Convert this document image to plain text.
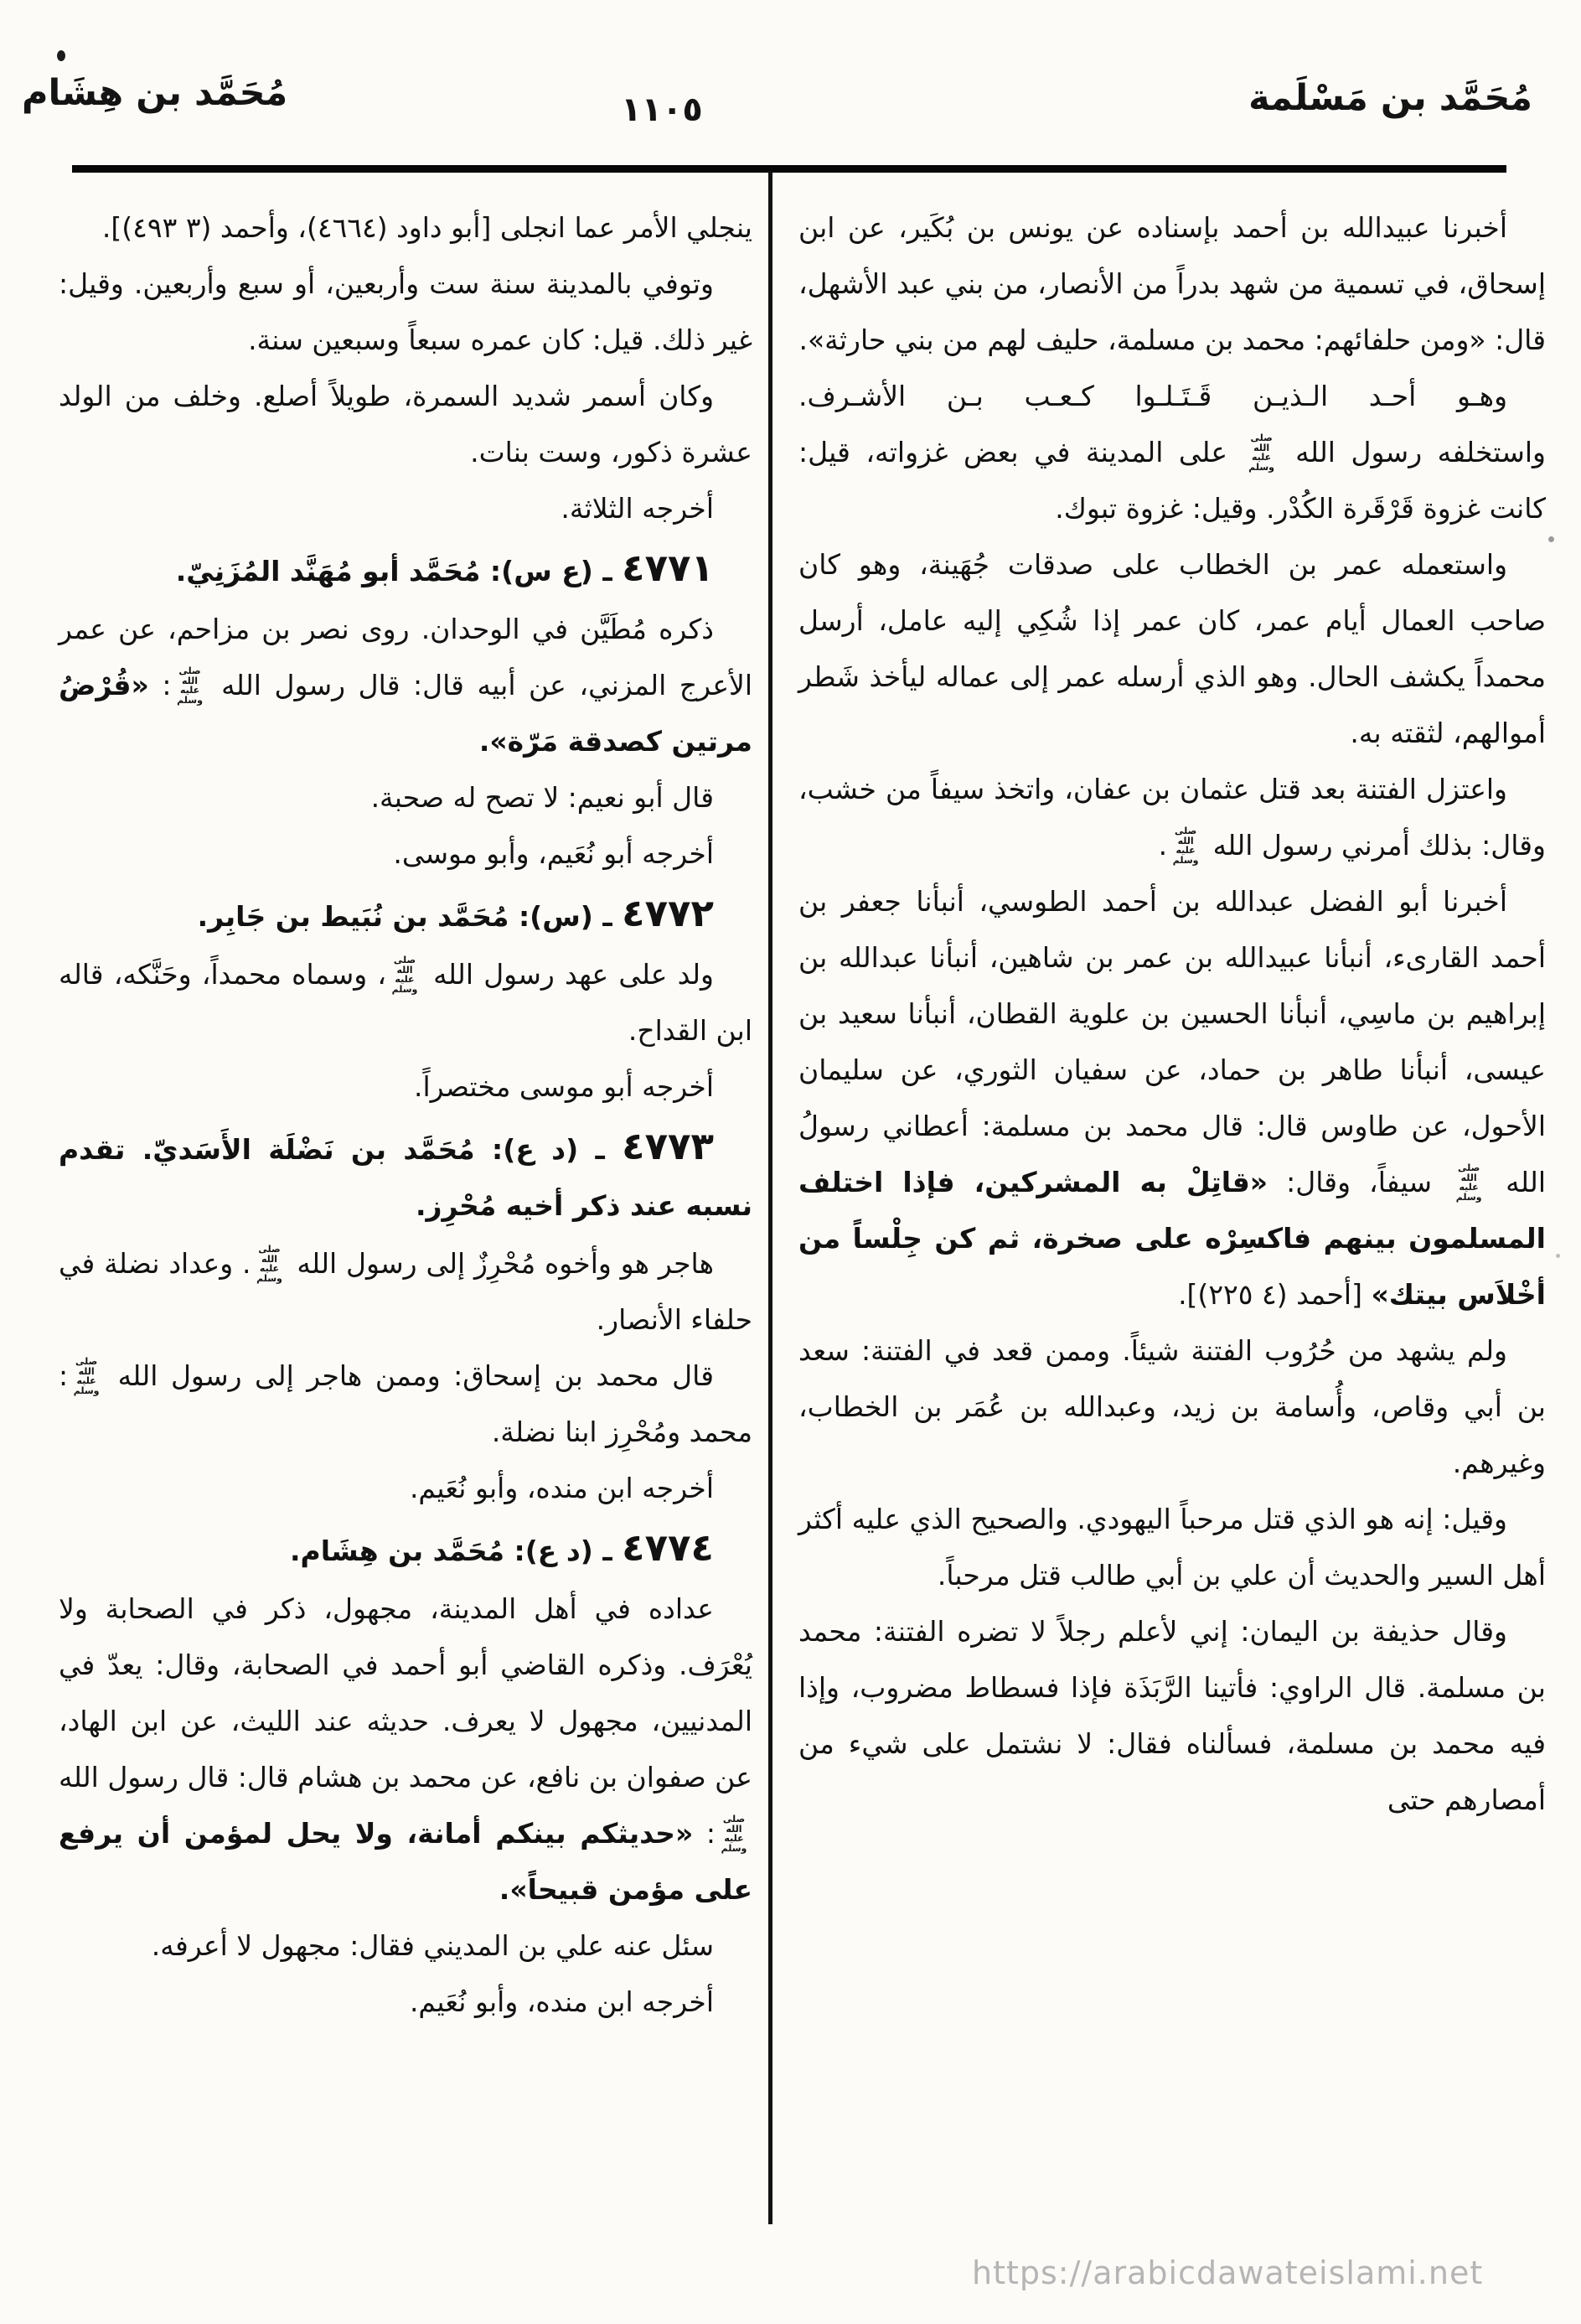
مُحَمَّد بن هِشَام	١١٠٥	مُحَمَّد بن مَسْلَمة

أخبرنا عبيدالله بن أحمد بإسناده عن يونس بن بُكَير، عن ابن إسحاق، في تسمية من شهد بدراً من الأنصار، من بني عبد الأشهل، قال: «ومن حلفائهم: محمد بن مسلمة، حليف لهم من بني حارثة».

وهـو أحـد الـذيـن قَـتَـلـوا كـعـب بـن الأشـرف.

واستخلفه رسول الله صلى الله عليه وسلم على المدينة في بعض غزواته، قيل: كانت غزوة قَرْقَرة الكُدْر. وقيل: غزوة تبوك.

واستعمله عمر بن الخطاب على صدقات جُهَينة، وهو كان صاحب العمال أيام عمر، كان عمر إذا شُكِي إليه عامل، أرسل محمداً يكشف الحال. وهو الذي أرسله عمر إلى عماله ليأخذ شَطر أموالهم، لثقته به.

واعتزل الفتنة بعد قتل عثمان بن عفان، واتخذ سيفاً من خشب، وقال: بذلك أمرني رسول الله صلى الله عليه وسلم.

أخبرنا أبو الفضل عبدالله بن أحمد الطوسي، أنبأنا جعفر بن أحمد القارىء، أنبأنا عبيدالله بن عمر بن شاهين، أنبأنا عبدالله بن إبراهيم بن ماسِي، أنبأنا الحسين بن علوية القطان، أنبأنا سعيد بن عيسى، أنبأنا طاهر بن حماد، عن سفيان الثوري، عن سليمان الأحول، عن طاوس قال: قال محمد بن مسلمة: أعطاني رسولُ الله صلى الله عليه وسلم سيفاً، وقال: «قاتِلْ به المشركين، فإذا اختلف المسلمون بينهم فاكسِرْه على صخرة، ثم كن جِلْساً من أخْلاَس بيتك» [أحمد (٤ ٢٢٥)].

ولم يشهد من حُرُوب الفتنة شيئاً. وممن قعد في الفتنة: سعد بن أبي وقاص، وأُسامة بن زيد، وعبدالله بن عُمَر بن الخطاب، وغيرهم.

وقيل: إنه هو الذي قتل مرحباً اليهودي. والصحيح الذي عليه أكثر أهل السير والحديث أن علي بن أبي طالب قتل مرحباً.

وقال حذيفة بن اليمان: إني لأعلم رجلاً لا تضره الفتنة: محمد بن مسلمة. قال الراوي: فأتينا الرَّبَذَة فإذا فسطاط مضروب، وإذا فيه محمد بن مسلمة، فسألناه فقال: لا نشتمل على شيء من أمصارهم حتى

ينجلي الأمر عما انجلى [أبو داود (٤٦٦٤)، وأحمد (٣ ٤٩٣)].

وتوفي بالمدينة سنة ست وأربعين، أو سبع وأربعين. وقيل: غير ذلك. قيل: كان عمره سبعاً وسبعين سنة.

وكان أسمر شديد السمرة، طويلاً أصلع. وخلف من الولد عشرة ذكور، وست بنات.

أخرجه الثلاثة.

٤٧٧١ ـ (ع س): مُحَمَّد أبو مُهَنَّد المُزَنِيّ.

ذكره مُطَيَّن في الوحدان. روى نصر بن مزاحم، عن عمر الأعرج المزني، عن أبيه قال: قال رسول الله صلى الله عليه وسلم: «قُرْضُ مرتين كصدقة مَرّة».

قال أبو نعيم: لا تصح له صحبة.

أخرجه أبو نُعَيم، وأبو موسى.

٤٧٧٢ ـ (س): مُحَمَّد بن نُبَيط بن جَابِر.

ولد على عهد رسول الله صلى الله عليه وسلم، وسماه محمداً، وحَنَّكه، قاله ابن القداح.

أخرجه أبو موسى مختصراً.

٤٧٧٣ ـ (د ع): مُحَمَّد بن نَضْلَة الأَسَديّ. تقدم نسبه عند ذكر أخيه مُحْرِز.

هاجر هو وأخوه مُحْرِزٌ إلى رسول الله صلى الله عليه وسلم. وعداد نضلة في حلفاء الأنصار.

قال محمد بن إسحاق: وممن هاجر إلى رسول الله صلى الله عليه وسلم: محمد ومُحْرِز ابنا نضلة.

أخرجه ابن منده، وأبو نُعَيم.

٤٧٧٤ ـ (د ع): مُحَمَّد بن هِشَام.

عداده في أهل المدينة، مجهول، ذكر في الصحابة ولا يُعْرَف. وذكره القاضي أبو أحمد في الصحابة، وقال: يعدّ في المدنيين، مجهول لا يعرف. حديثه عند الليث، عن ابن الهاد، عن صفوان بن نافع، عن محمد بن هشام قال: قال رسول الله صلى الله عليه وسلم: «حديثكم بينكم أمانة، ولا يحل لمؤمن أن يرفع على مؤمن قبيحاً».

سئل عنه علي بن المديني فقال: مجهول لا أعرفه.

أخرجه ابن منده، وأبو نُعَيم.

https://arabicdawateislami.net
